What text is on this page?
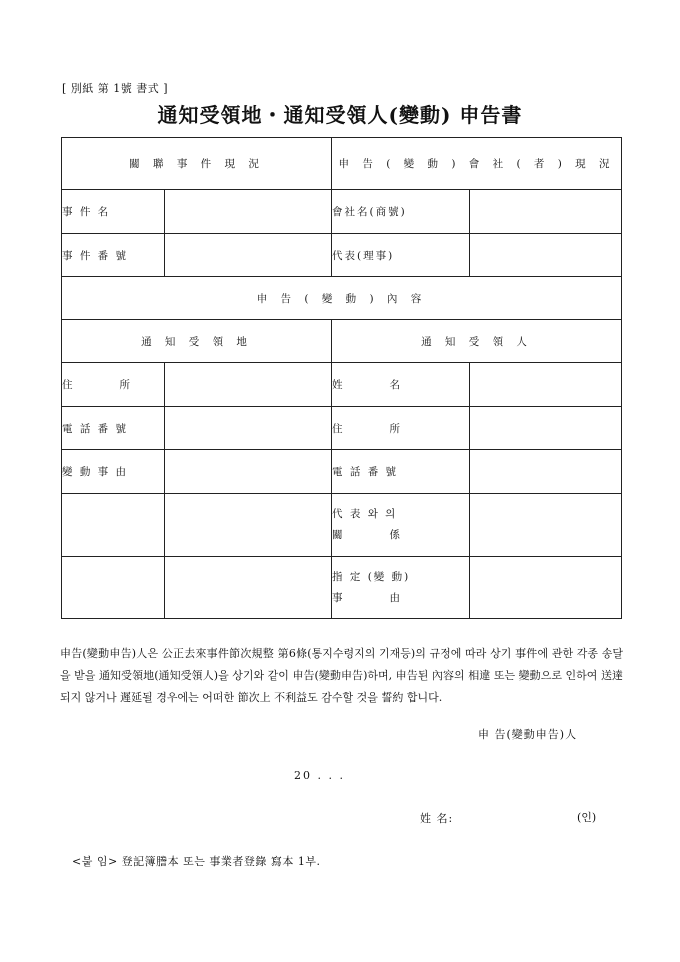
[ 別紙 第 1號 書式 ]
通知受領地・通知受領人(變動) 申告書
關 聯 事 件 現 況		申 告 ( 變 動 ) 會 社 ( 者 ) 現 況	
事 件 名		會社名(商號)	
事 件 番 號		代表(理事)	
申 告 ( 變 動 ) 內 容			
通 知 受 領 地		通 知 受 領 人	

住 所		姓 名	

電 話 番 號		住 所	

變 動 事 由		電 話 番 號	

		代 表 와 의
關 係	

		指 定 (變 動)
事 由	

申告(變動申告)人은 公正去來事件節次規整 第6條(통지수령지의 기재등)의 규정에 따라 상기 事件에 관한 각종 송달을 받을 通知受領地(通知受領人)을 상기와 같이 申告(變動申告)하며, 申告된 內容의 相違 또는 變動으로 인하여 送達되지 않거나 遲延될 경우에는 어떠한 節次上 不利益도 감수할 것을 誓約 합니다.
申 告(變動申告)人
20 . . .
姓 名:	(인)
<붙 임> 登記簿謄本 또는 事業者登錄 寫本 1부.
